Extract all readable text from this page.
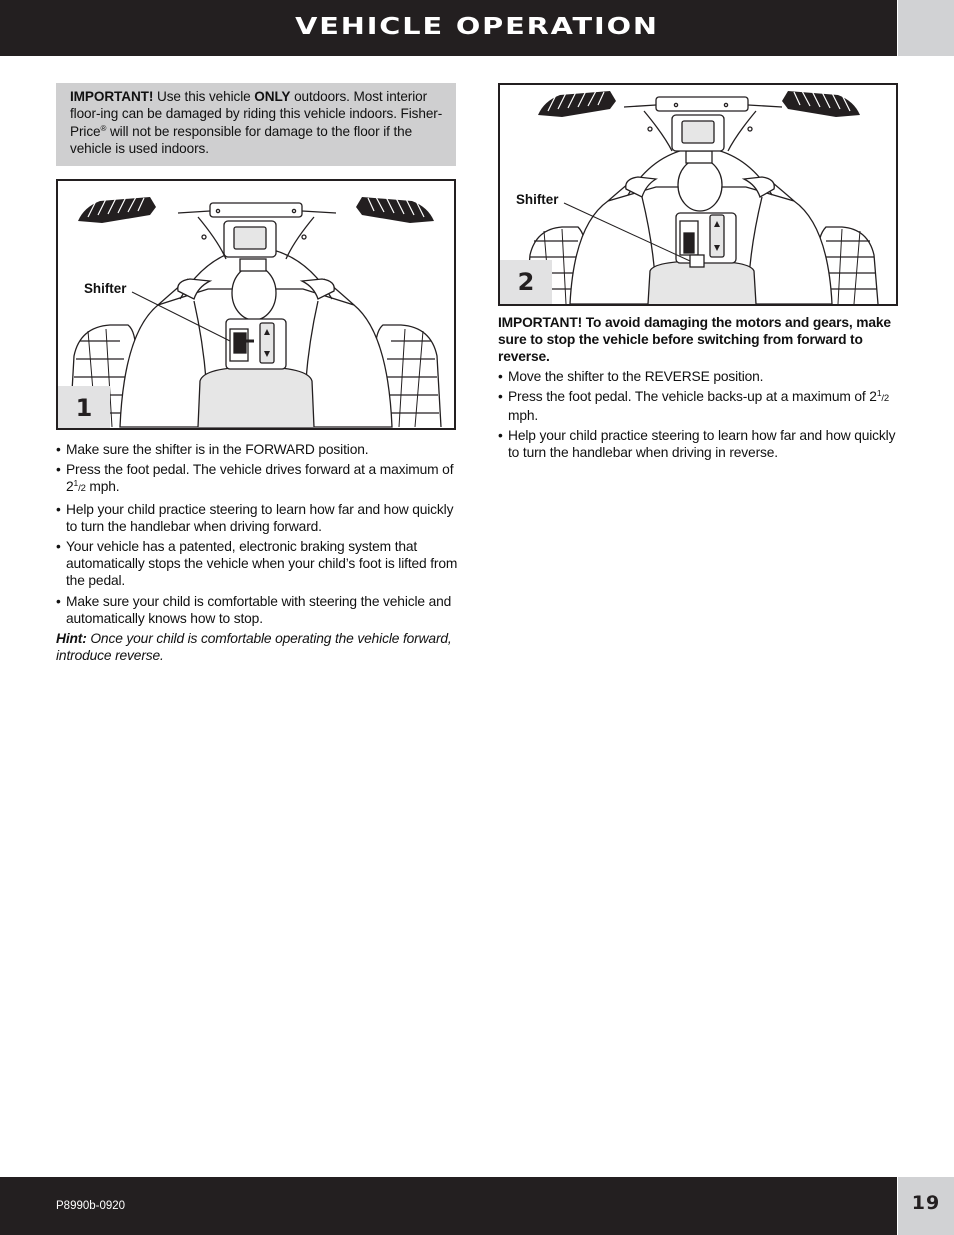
VEHICLE OPERATION
IMPORTANT! Use this vehicle ONLY outdoors. Most interior floor-ing can be damaged by riding this vehicle indoors. Fisher-Price® will not be responsible for damage to the floor if the vehicle is used indoors.
Shifter
1
Shifter
2
• Make sure the shifter is in the FORWARD position.
• Press the foot pedal. The vehicle drives forward at a maximum of $2^1/2$ mph.
• Help your child practice steering to learn how far and how quickly to turn the handlebar when driving forward.
• Your vehicle has a patented, electronic braking system that automatically stops the vehicle when your child’s foot is lifted from the pedal.
• Make sure your child is comfortable with steering the vehicle and automatically knows how to stop.
Hint: Once your child is comfortable operating the vehicle forward, introduce reverse.
IMPORTANT! To avoid damaging the motors and gears, make sure to stop the vehicle before switching from forward to reverse.
• Move the shifter to the REVERSE position.
• Press the foot pedal. The vehicle backs-up at a maximum of $2^1/2$ mph.
• Help your child practice steering to learn how far and how quickly to turn the handlebar when driving in reverse.
P8990b-0920	19
